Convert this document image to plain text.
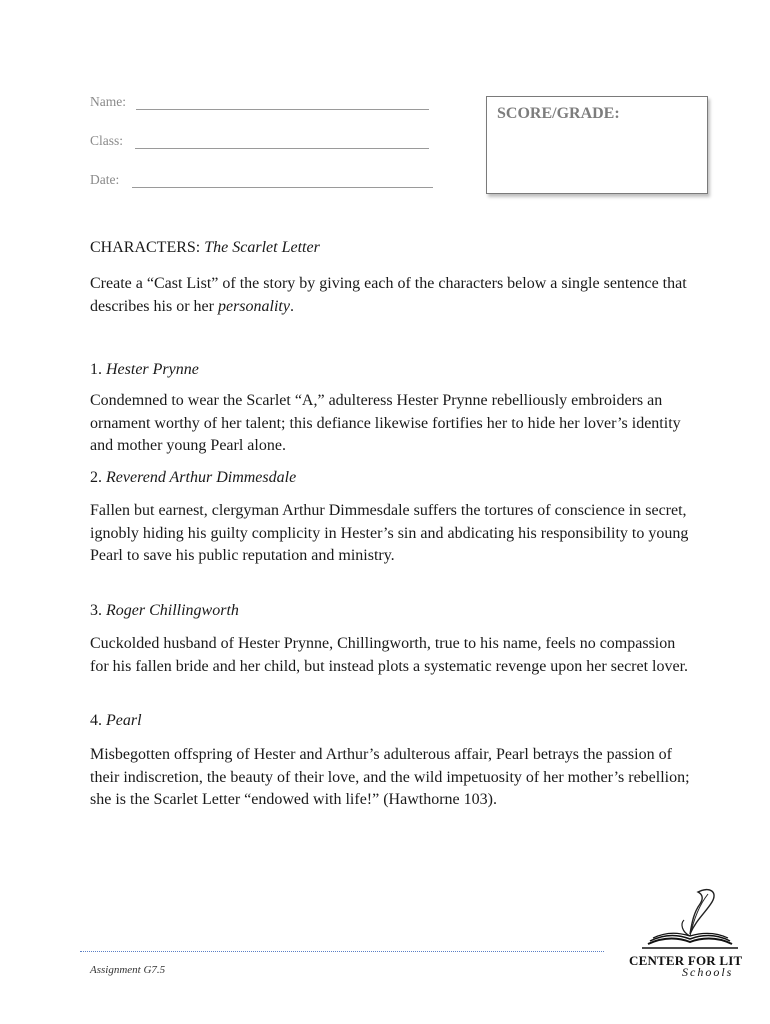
Name:
Class:
Date:
SCORE/GRADE:
CHARACTERS: The Scarlet Letter
Create a “Cast List” of the story by giving each of the characters below a single sentence that describes his or her personality.
1. Hester Prynne
Condemned to wear the Scarlet “A,” adulteress Hester Prynne rebelliously embroiders an ornament worthy of her talent; this defiance likewise fortifies her to hide her lover’s identity and mother young Pearl alone.
2. Reverend Arthur Dimmesdale
Fallen but earnest, clergyman Arthur Dimmesdale suffers the tortures of conscience in secret, ignobly hiding his guilty complicity in Hester’s sin and abdicating his responsibility to young Pearl to save his public reputation and ministry.
3. Roger Chillingworth
Cuckolded husband of Hester Prynne, Chillingworth, true to his name, feels no compassion for his fallen bride and her child, but instead plots a systematic revenge upon her secret lover.
4. Pearl
Misbegotten offspring of Hester and Arthur’s adulterous affair, Pearl betrays the passion of their indiscretion, the beauty of their love, and the wild impetuosity of her mother’s rebellion; she is the Scarlet Letter “endowed with life!” (Hawthorne 103).
Assignment G7.5
CENTER FOR LIT
Schools
